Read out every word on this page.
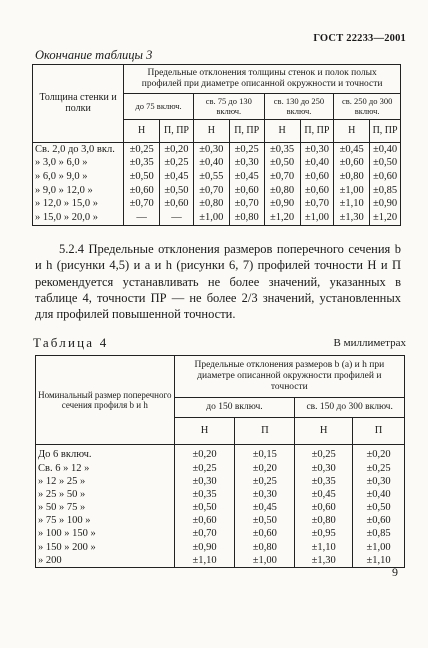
ГОСТ 22233—2001
Окончание таблицы 3
Толщина стенки и полки	Предельные отклонения толщины стенок и полок полых профилей при диаметре описанной окружности и точности							
	до 75 включ.		св. 75 до 130 включ.		св. 130 до 250 включ.		св. 250 до 300 включ.	
	Н	П, ПР	Н	П, ПР	Н	П, ПР	Н	П, ПР
Св. 2,0 до 3,0 вкл.	±0,25	±0,20	±0,30	±0,25	±0,35	±0,30	±0,45	±0,40
» 3,0 » 6,0 »	±0,35	±0,25	±0,40	±0,30	±0,50	±0,40	±0,60	±0,50
» 6,0 » 9,0 »	±0,50	±0,45	±0,55	±0,45	±0,70	±0,60	±0,80	±0,60
» 9,0 » 12,0 »	±0,60	±0,50	±0,70	±0,60	±0,80	±0,60	±1,00	±0,85
» 12,0 » 15,0 »	±0,70	±0,60	±0,80	±0,70	±0,90	±0,70	±1,10	±0,90
» 15,0 » 20,0 »	—	—	±1,00	±0,80	±1,20	±1,00	±1,30	±1,20

5.2.4 Предельные отклонения размеров поперечного сечения b и h (рисунки 4,5) и a и h (рисунки 6, 7) профилей точности Н и П рекомендуется устанавливать не более значений, указанных в таблице 4, точности ПР — не более 2/3 значений, установленных для профилей повышенной точности.

Таблица 4	В миллиметрах
Номинальный размер поперечного сечения профиля b и h	Предельные отклонения размеров b (a) и h при диаметре описанной окружности профилей и точности			
	до 150 включ.		св. 150 до 300 включ.	
	Н	П	Н	П
До 6 включ.	±0,20	±0,15	±0,25	±0,20
Св. 6 » 12 »	±0,25	±0,20	±0,30	±0,25
» 12 » 25 »	±0,30	±0,25	±0,35	±0,30
» 25 » 50 »	±0,35	±0,30	±0,45	±0,40
» 50 » 75 »	±0,50	±0,45	±0,60	±0,50
» 75 » 100 »	±0,60	±0,50	±0,80	±0,60
» 100 » 150 »	±0,70	±0,60	±0,95	±0,85
» 150 » 200 »	±0,90	±0,80	±1,10	±1,00
» 200	±1,10	±1,00	±1,30	±1,10
9
